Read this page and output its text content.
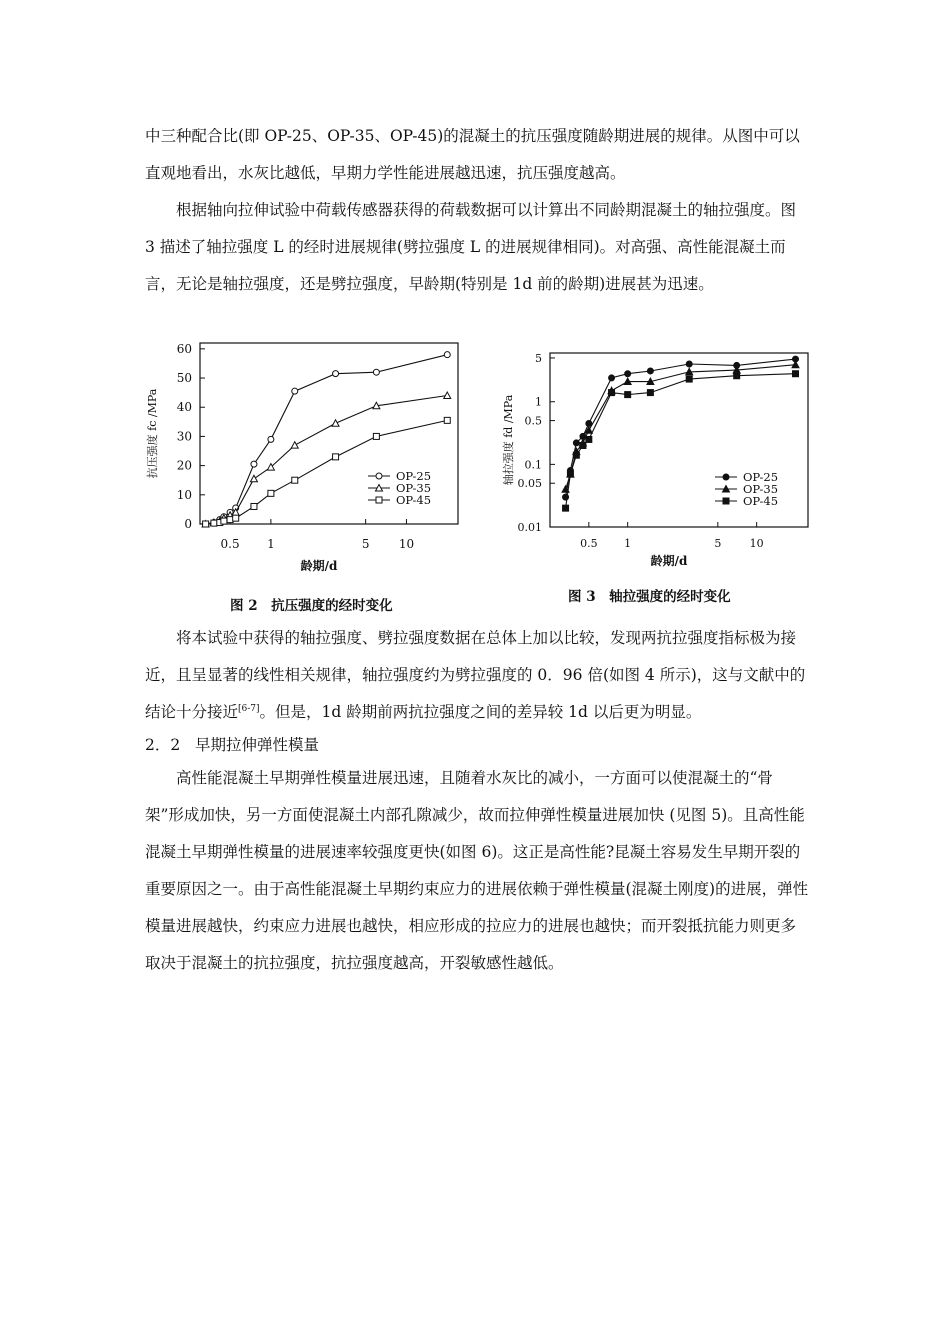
中三种配合比(即 OP-25、OP-35、OP-45)的混凝土的抗压强度随龄期进展的规律。从图中可以直观地看出，水灰比越低，早期力学性能进展越迅速，抗压强度越高。

根据轴向拉伸试验中荷载传感器获得的荷载数据可以计算出不同龄期混凝土的轴拉强度。图 3 描述了轴拉强度 L 的经时进展规律(劈拉强度 L 的进展规律相同)。对高强、高性能混凝土而言，无论是轴拉强度，还是劈拉强度，早龄期(特别是 1d 前的龄期)进展甚为迅速。

0
10
20
30
40
50
60
0.5 1	5 10
龄期/d
抗压强度 fc /MPa	OP-25
OP-35
OP-45
图 2　抗压强度的经时变化
0.01
0.05
0.1
0.5
1
5
0.5 1	5	10
龄期/d
轴拉强度 fd /MPa	OP-25
OP-35
OP-45
图 3　轴拉强度的经时变化

将本试验中获得的轴拉强度、劈拉强度数据在总体上加以比较，发现两抗拉强度指标极为接近，且呈显著的线性相关规律，轴拉强度约为劈拉强度的 0．96 倍(如图 4 所示)，这与文献中的结论十分接近[6-7]。但是，1d 龄期前两抗拉强度之间的差异较 1d 以后更为明显。

2．2 早期拉伸弹性模量

高性能混凝土早期弹性模量进展迅速，且随着水灰比的减小，一方面可以使混凝土的“骨架”形成加快，另一方面使混凝土内部孔隙减少，故而拉伸弹性模量进展加快 (见图 5)。且高性能混凝土早期弹性模量的进展速率较强度更快(如图 6)。这正是高性能?昆凝土容易发生早期开裂的重要原因之一。由于高性能混凝土早期约束应力的进展依赖于弹性模量(混凝土刚度)的进展，弹性模量进展越快，约束应力进展也越快，相应形成的拉应力的进展也越快；而开裂抵抗能力则更多取决于混凝土的抗拉强度，抗拉强度越高，开裂敏感性越低。
